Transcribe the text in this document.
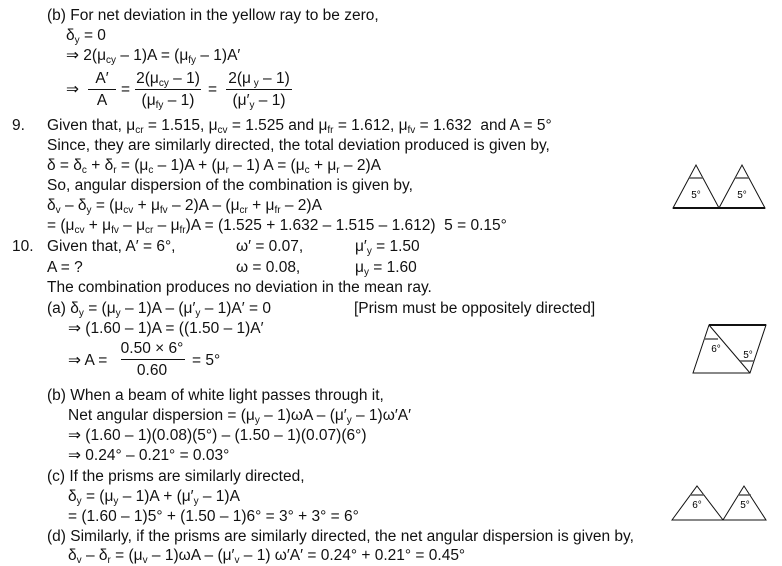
(b) For net deviation in the yellow ray to be zero,
$\delta_y = 0$
⇒ $2(\mu_{cy} - 1)A = (\mu_{fy} - 1)A'$
⇒
A′
A
=
$2(\mu_{cy} - 1)$
$(\mu_{fy} - 1)$
=
2(μ $_y$ – 1)
$(\mu'_y - 1)$
9. Given that, $\mu_{cr} = 1.515$, $\mu_{cv} = 1.525$ and $\mu_{fr} = 1.612$, $\mu_{fv} = 1.632$  and A = 5°
Since, they are similarly directed, the total deviation produced is given by,
$\delta = \delta_c + \delta_r = (\mu_c - 1)A + (\mu_r - 1) A = (\mu_c + \mu_r - 2)A$
So, angular dispersion of the combination is given by,
$\delta_v - \delta_y = (\mu_{cv} + \mu_{fv} - 2)A - (\mu_{cr} + \mu_{fr} - 2)A$
= $(\mu_{cv} + \mu_{fv} - \mu_{cr} - \mu_{fr})A = (1.525 + 1.632 - 1.515 - 1.612) 5 = 0.15^\circ$
5°	5°
10. Given that, A′ = 6°,	ω′ = 0.07,	$\mu'_y = 1.50$
A = ?	ω = 0.08,	$\mu_y = 1.60$
The combination produces no deviation in the mean ray.
(a) $\delta_y = (\mu_y - 1)A - (\mu'_y - 1)A' = 0$	[Prism must be oppositely directed]
⇒ (1.60 – 1)A = ((1.50 – 1)A′
⇒ A =
0.50 × 6°
0.60
= 5°
6°
5°
(b) When a beam of white light passes through it,
Net angular dispersion = $(\mu_y - 1)\omega A - (\mu'_y - 1)\omega'A'$
⇒ (1.60 – 1)(0.08)(5°) – (1.50 – 1)(0.07)(6°)
⇒ 0.24° – 0.21° = 0.03°
(c) If the prisms are similarly directed,
$\delta_y = (\mu_y - 1)A + (\mu'_y - 1)A$
= (1.60 – 1)5° + (1.50 – 1)6° = 3° + 3° = 6°
(d) Similarly, if the prisms are similarly directed, the net angular dispersion is given by,
$\delta_v - \delta_r = (\mu_v - 1)\omega A - (\mu'_v - 1) \omega'A' = 0.24^\circ + 0.21^\circ = 0.45^\circ$
6°	5°
